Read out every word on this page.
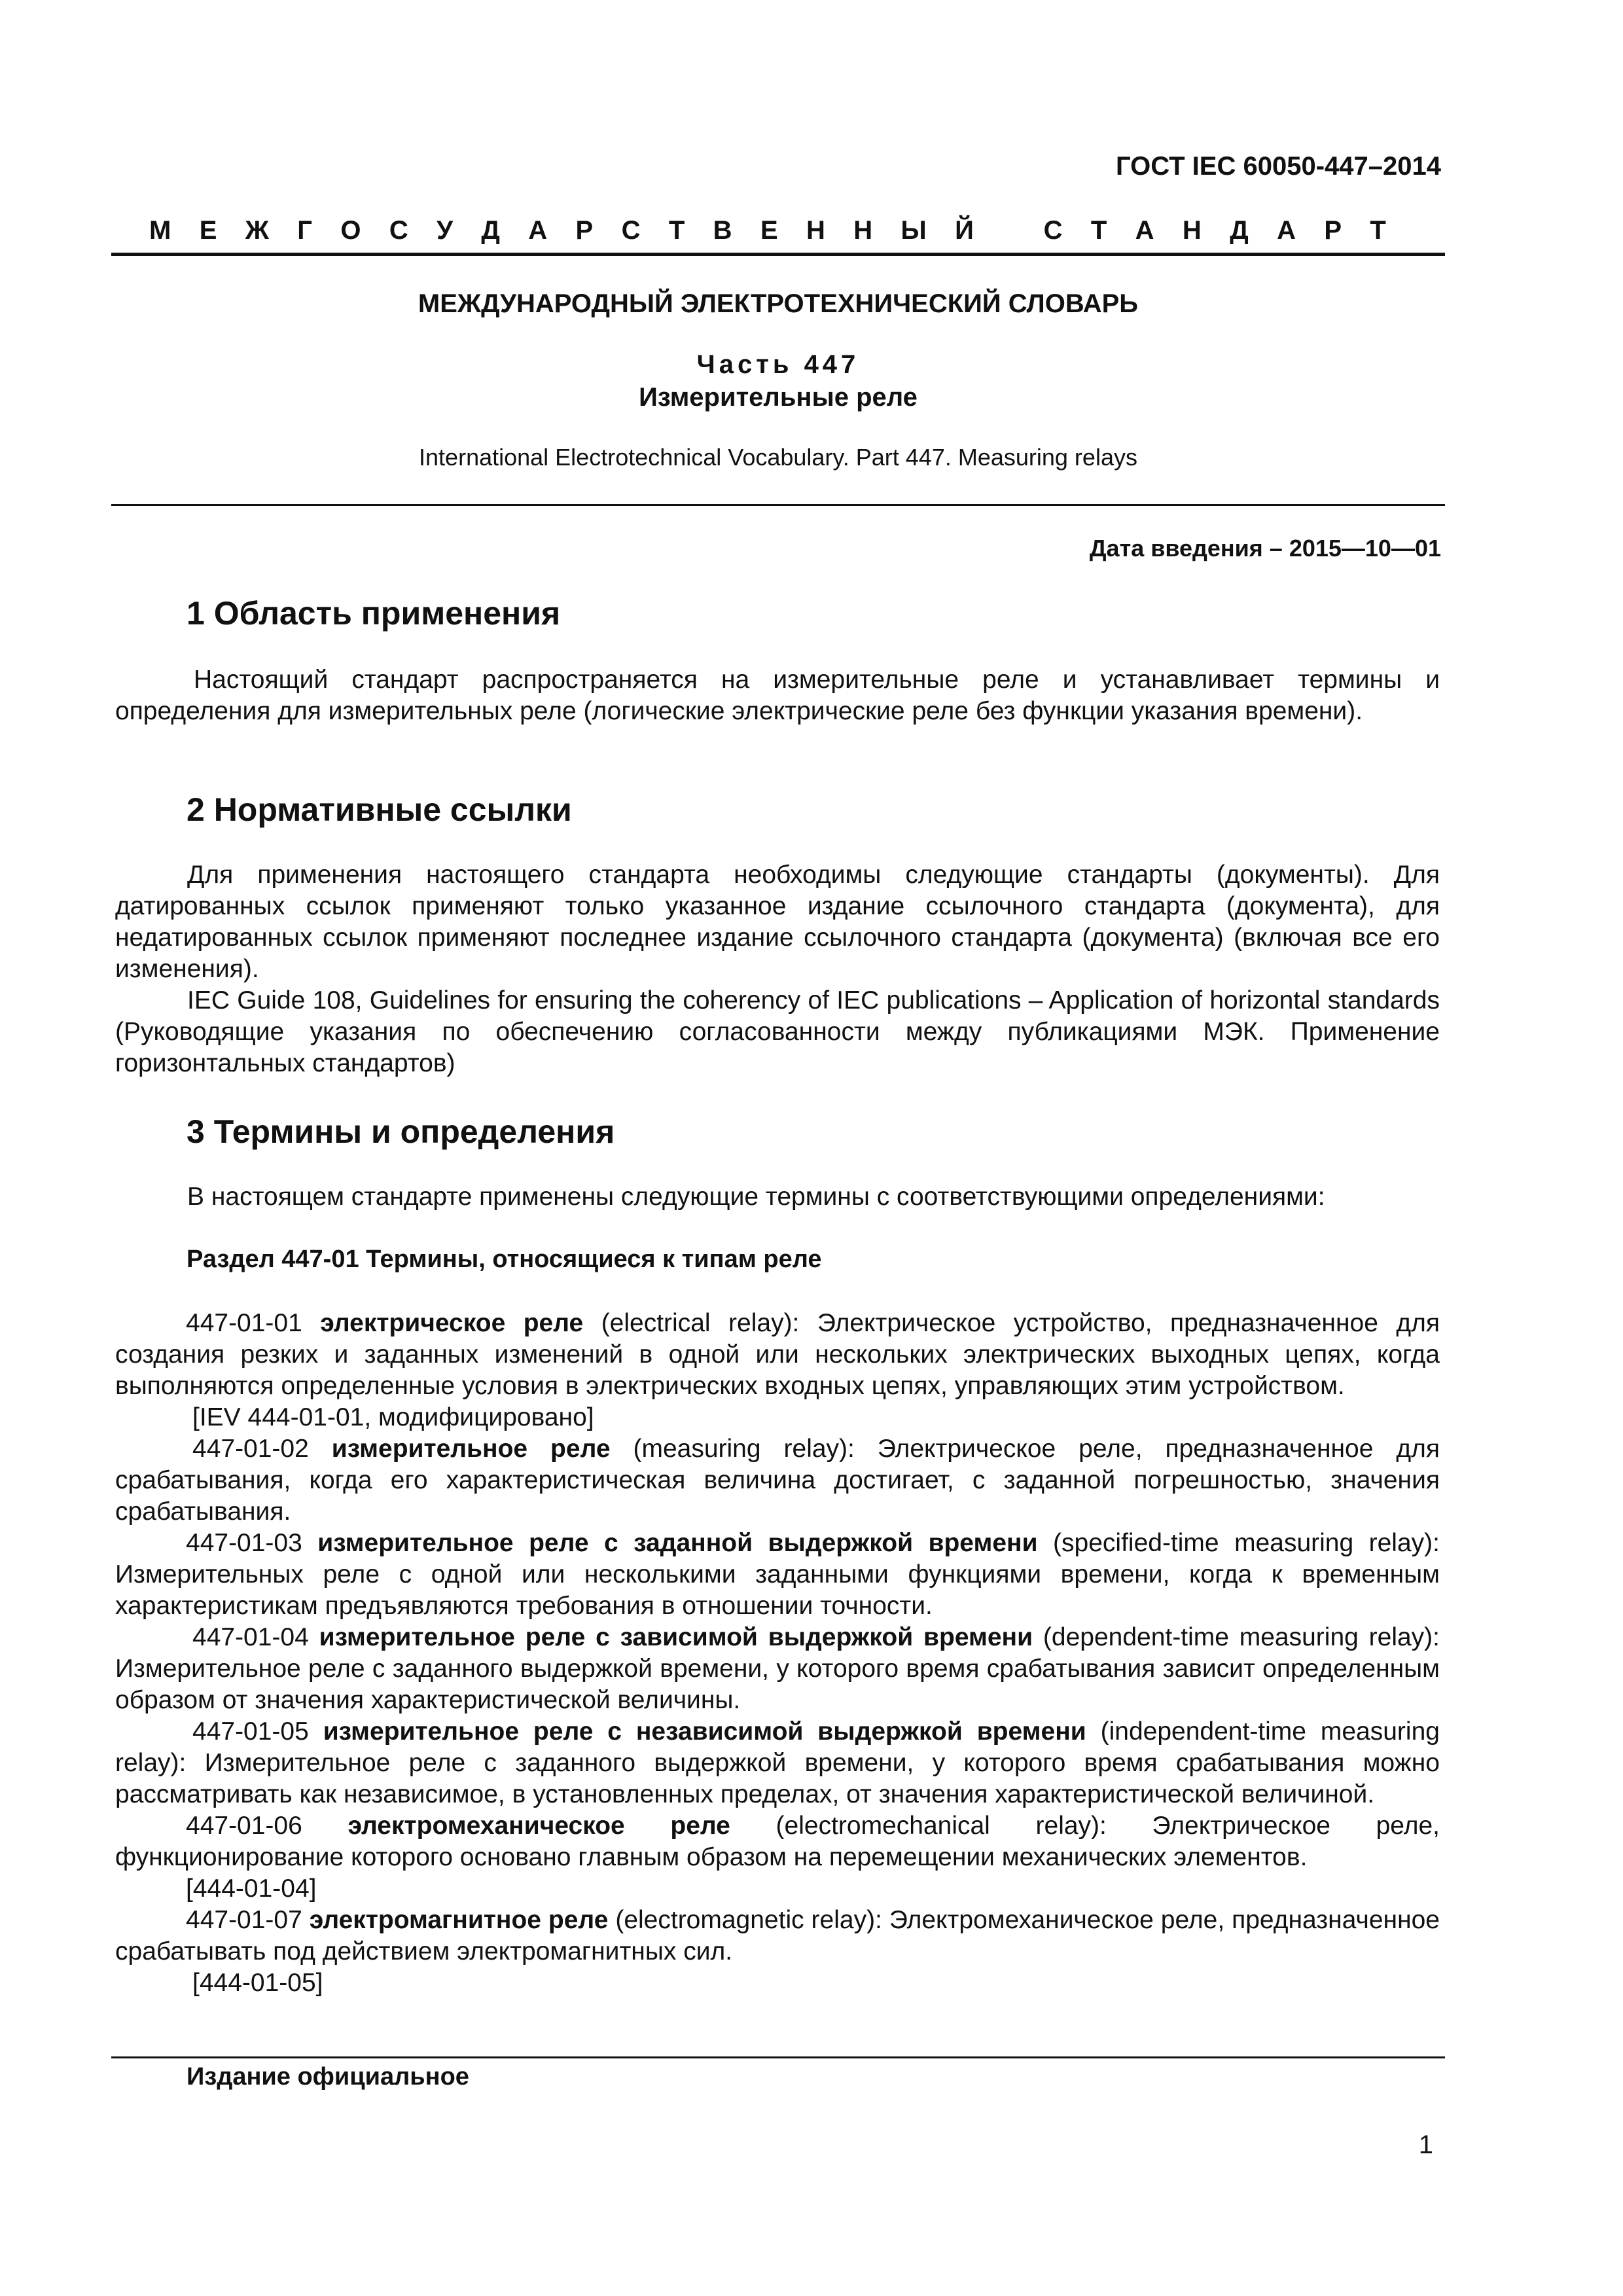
ГОСТ IEC 60050-447–2014
М Е Ж Г О С У Д А Р С Т В Е Н Н Ы Й	С Т А Н Д А Р Т
МЕЖДУНАРОДНЫЙ ЭЛЕКТРОТЕХНИЧЕСКИЙ СЛОВАРЬ
Часть 447
Измерительные реле
International Electrotechnical Vocabulary. Part 447. Measuring relays
Дата введения – 2015—10—01
1 Область применения

Настоящий стандарт распространяется на измерительные реле и устанавливает термины и определения для измерительных реле (логические электрические реле без функции указания времени).

2 Нормативные ссылки

Для применения настоящего стандарта необходимы следующие стандарты (документы). Для датированных ссылок применяют только указанное издание ссылочного стандарта (документа), для недатированных ссылок применяют последнее издание ссылочного стандарта (документа) (включая все его изменения).

IEC Guide 108, Guidelines for ensuring the coherency of IEC publications – Application of horizontal standards (Руководящие указания по обеспечению согласованности между публикациями МЭК. Применение горизонтальных стандартов)

3 Термины и определения

В настоящем стандарте применены следующие термины с соответствующими определениями:

Раздел 447-01 Термины, относящиеся к типам реле

447-01-01 электрическое реле (electrical relay): Электрическое устройство, предназначенное для создания резких и заданных изменений в одной или нескольких электрических выходных цепях, когда выполняются определенные условия в электрических входных цепях, управляющих этим устройством.

[IEV 444-01-01, модифицировано]

447-01-02 измерительное реле (measuring relay): Электрическое реле, предназначенное для срабатывания, когда его характеристическая величина достигает, с заданной погрешностью, значения срабатывания.

447-01-03 измерительное реле с заданной выдержкой времени (specified-time measuring relay): Измерительных реле с одной или несколькими заданными функциями времени, когда к временным характеристикам предъявляются требования в отношении точности.

447-01-04 измерительное реле с зависимой выдержкой времени (dependent-time measuring relay): Измерительное реле с заданного выдержкой времени, у которого время срабатывания зависит определенным образом от значения характеристической величины.

447-01-05 измерительное реле с независимой выдержкой времени (independent-time measuring relay): Измерительное реле с заданного выдержкой времени, у которого время срабатывания можно рассматривать как независимое, в установленных пределах, от значения характеристической величиной.

447-01-06 электромеханическое реле (electromechanical relay): Электрическое реле, функционирование которого основано главным образом на перемещении механических элементов.

[444-01-04]

447-01-07 электромагнитное реле (electromagnetic relay): Электромеханическое реле, предназначенное срабатывать под действием электромагнитных сил.

[444-01-05]

Издание официальное
1
